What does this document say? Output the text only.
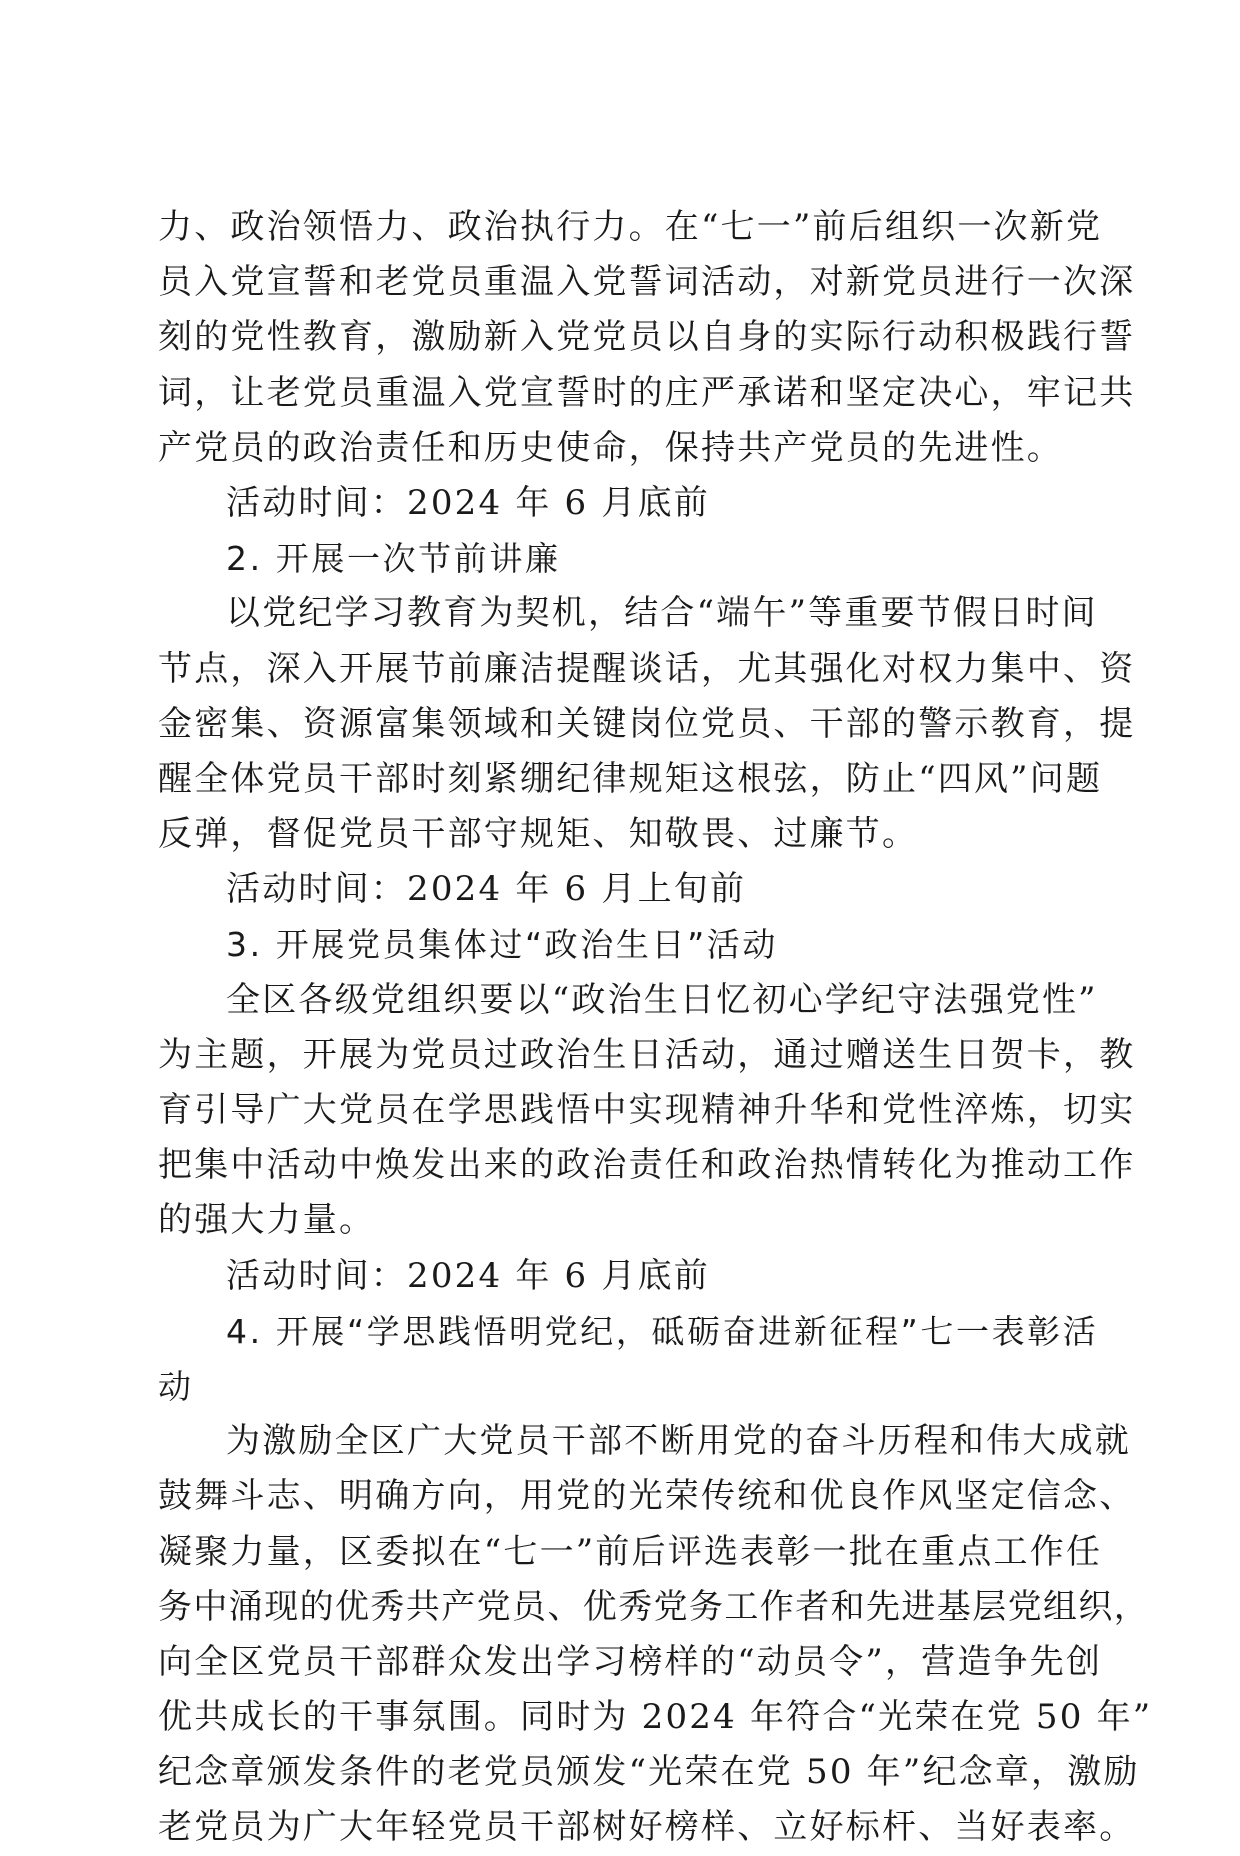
力、政治领悟力、政治执行力。在“七一”前后组织一次新党
员入党宣誓和老党员重温入党誓词活动，对新党员进行一次深
刻的党性教育，激励新入党党员以自身的实际行动积极践行誓
词，让老党员重温入党宣誓时的庄严承诺和坚定决心，牢记共
产党员的政治责任和历史使命，保持共产党员的先进性。
活动时间：2024 年 6 月底前
2. 开展一次节前讲廉
以党纪学习教育为契机，结合“端午”等重要节假日时间
节点，深入开展节前廉洁提醒谈话，尤其强化对权力集中、资
金密集、资源富集领域和关键岗位党员、干部的警示教育，提
醒全体党员干部时刻紧绷纪律规矩这根弦，防止“四风”问题
反弹，督促党员干部守规矩、知敬畏、过廉节。
活动时间：2024 年 6 月上旬前
3. 开展党员集体过“政治生日”活动
全区各级党组织要以“政治生日忆初心学纪守法强党性”
为主题，开展为党员过政治生日活动，通过赠送生日贺卡，教
育引导广大党员在学思践悟中实现精神升华和党性淬炼，切实
把集中活动中焕发出来的政治责任和政治热情转化为推动工作
的强大力量。
活动时间：2024 年 6 月底前
4. 开展“学思践悟明党纪，砥砺奋进新征程”七一表彰活
动
为激励全区广大党员干部不断用党的奋斗历程和伟大成就
鼓舞斗志、明确方向，用党的光荣传统和优良作风坚定信念、
凝聚力量，区委拟在“七一”前后评选表彰一批在重点工作任
务中涌现的优秀共产党员、优秀党务工作者和先进基层党组织，
向全区党员干部群众发出学习榜样的“动员令”，营造争先创
优共成长的干事氛围。同时为 2024 年符合“光荣在党 50 年”
纪念章颁发条件的老党员颁发“光荣在党 50 年”纪念章，激励
老党员为广大年轻党员干部树好榜样、立好标杆、当好表率。
